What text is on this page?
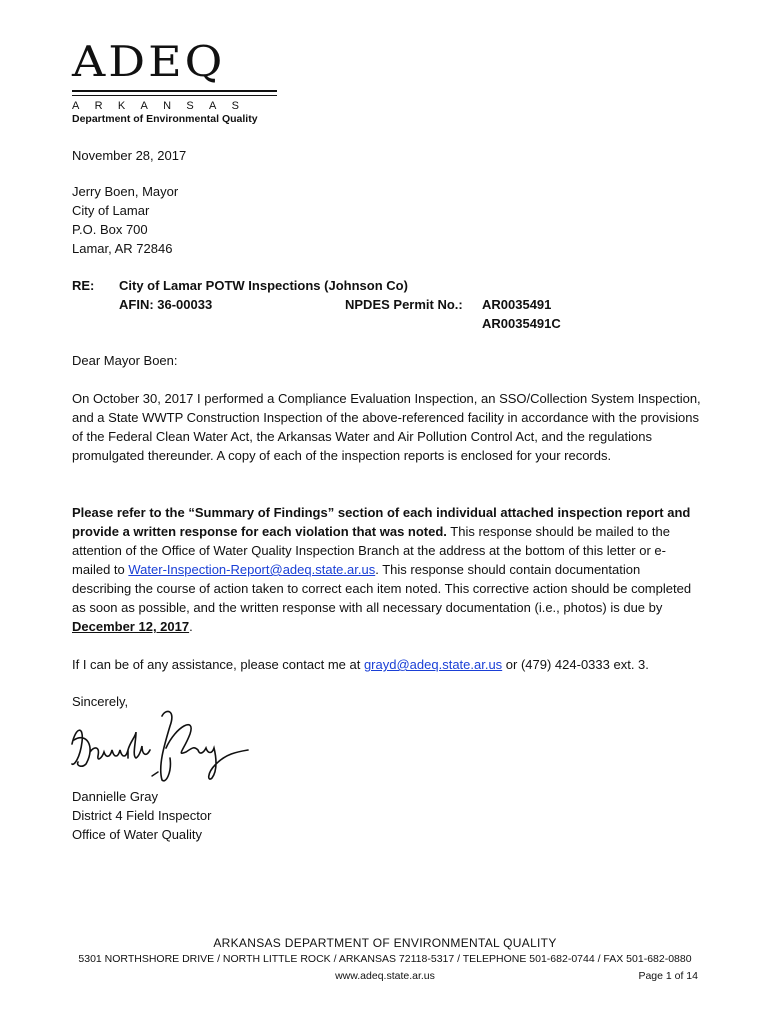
ADEQ
ARKANSAS
Department of Environmental Quality
November 28, 2017
Jerry Boen, Mayor
City of Lamar
P.O. Box 700
Lamar, AR 72846
RE: City of Lamar POTW Inspections (Johnson Co)
AFIN: 36-00033	NPDES Permit No.: AR0035491
AR0035491C
Dear Mayor Boen:
On October 30, 2017 I performed a Compliance Evaluation Inspection, an SSO/Collection System Inspection, and a State WWTP Construction Inspection of the above-referenced facility in accordance with the provisions of the Federal Clean Water Act, the Arkansas Water and Air Pollution Control Act, and the regulations promulgated thereunder. A copy of each of the inspection reports is enclosed for your records.
Please refer to the “Summary of Findings” section of each individual attached inspection report and provide a written response for each violation that was noted. This response should be mailed to the attention of the Office of Water Quality Inspection Branch at the address at the bottom of this letter or e-mailed to Water-Inspection-Report@adeq.state.ar.us. This response should contain documentation describing the course of action taken to correct each item noted. This corrective action should be completed as soon as possible, and the written response with all necessary documentation (i.e., photos) is due by December 12, 2017.
If I can be of any assistance, please contact me at grayd@adeq.state.ar.us or (479) 424-0333 ext. 3.
Sincerely,
Dannielle Gray
District 4 Field Inspector
Office of Water Quality
ARKANSAS DEPARTMENT OF ENVIRONMENTAL QUALITY
5301 NORTHSHORE DRIVE / NORTH LITTLE ROCK / ARKANSAS 72118-5317 / TELEPHONE 501-682-0744 / FAX 501-682-0880
www.adeq.state.ar.us	Page 1 of 14
